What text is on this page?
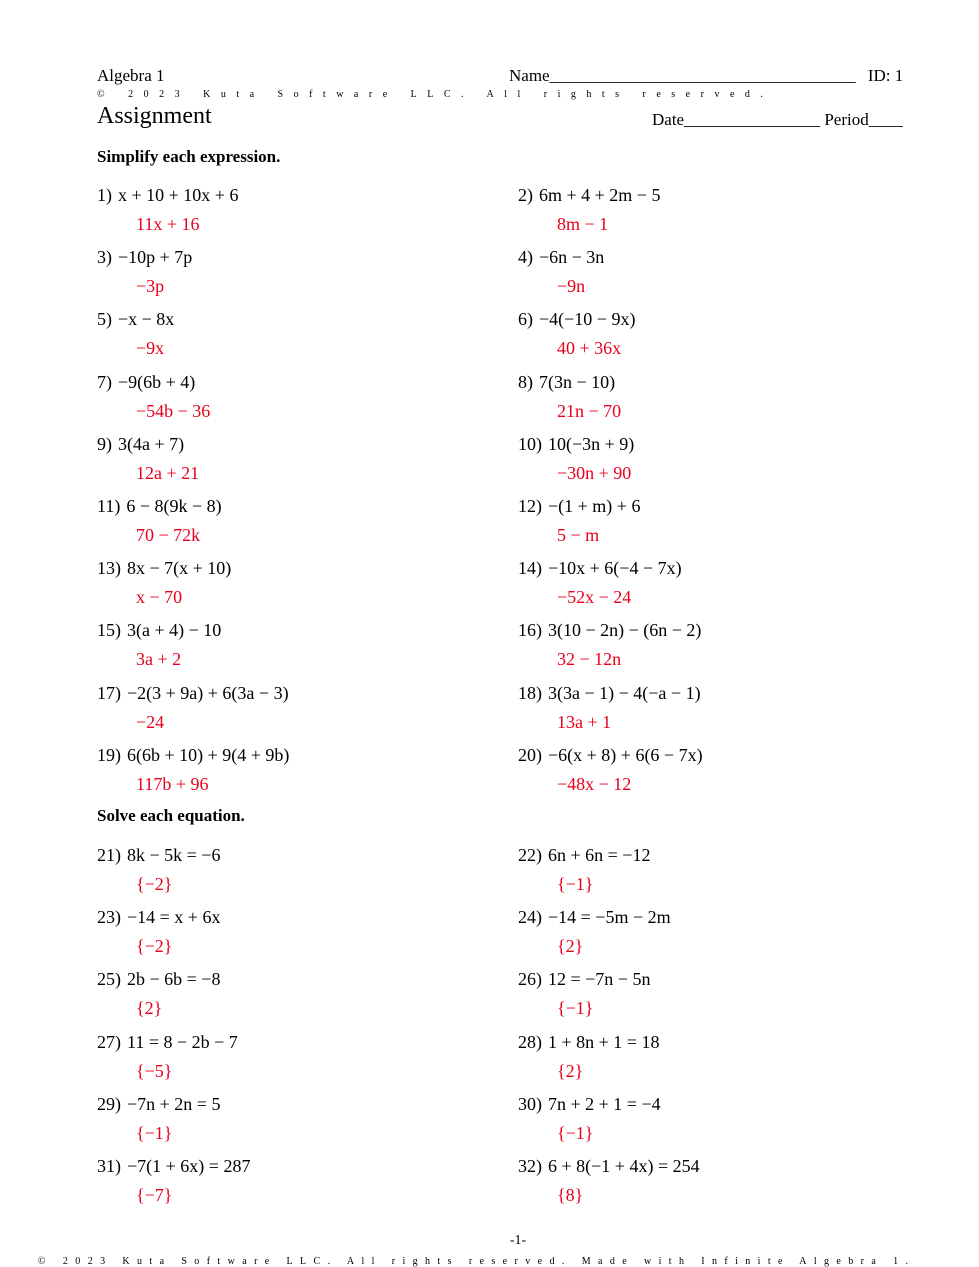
Algebra 1	Name____________________________________ ID: 1
© 2023 Kuta Software LLC. All rights reserved.
Assignment	Date________________ Period____
Simplify each expression.
1) x + 10 + 10x + 6
11x + 16
2) 6m + 4 + 2m − 5
8m − 1
3) −10p + 7p
−3p
4) −6n − 3n
−9n
5) −x − 8x
−9x
6) −4(−10 − 9x)
40 + 36x
7) −9(6b + 4)
−54b − 36
8) 7(3n − 10)
21n − 70
9) 3(4a + 7)
12a + 21
10) 10(−3n + 9)
−30n + 90
11) 6 − 8(9k − 8)
70 − 72k
12) −(1 + m) + 6
5 − m
13) 8x − 7(x + 10)
x − 70
14) −10x + 6(−4 − 7x)
−52x − 24
15) 3(a + 4) − 10
3a + 2
16) 3(10 − 2n) − (6n − 2)
32 − 12n
17) −2(3 + 9a) + 6(3a − 3)
−24
18) 3(3a − 1) − 4(−a − 1)
13a + 1
19) 6(6b + 10) + 9(4 + 9b)
117b + 96
20) −6(x + 8) + 6(6 − 7x)
−48x − 12
Solve each equation.
21) 8k − 5k = −6
{−2}
22) 6n + 6n = −12
{−1}
23) −14 = x + 6x
{−2}
24) −14 = −5m − 2m
{2}
25) 2b − 6b = −8
{2}
26) 12 = −7n − 5n
{−1}
27) 11 = 8 − 2b − 7
{−5}
28) 1 + 8n + 1 = 18
{2}
29) −7n + 2n = 5
{−1}
30) 7n + 2 + 1 = −4
{−1}
31) −7(1 + 6x) = 287
{−7}
32) 6 + 8(−1 + 4x) = 254
{8}
-1-
© 2023 Kuta Software LLC. All rights reserved. Made with Infinite Algebra 1.
